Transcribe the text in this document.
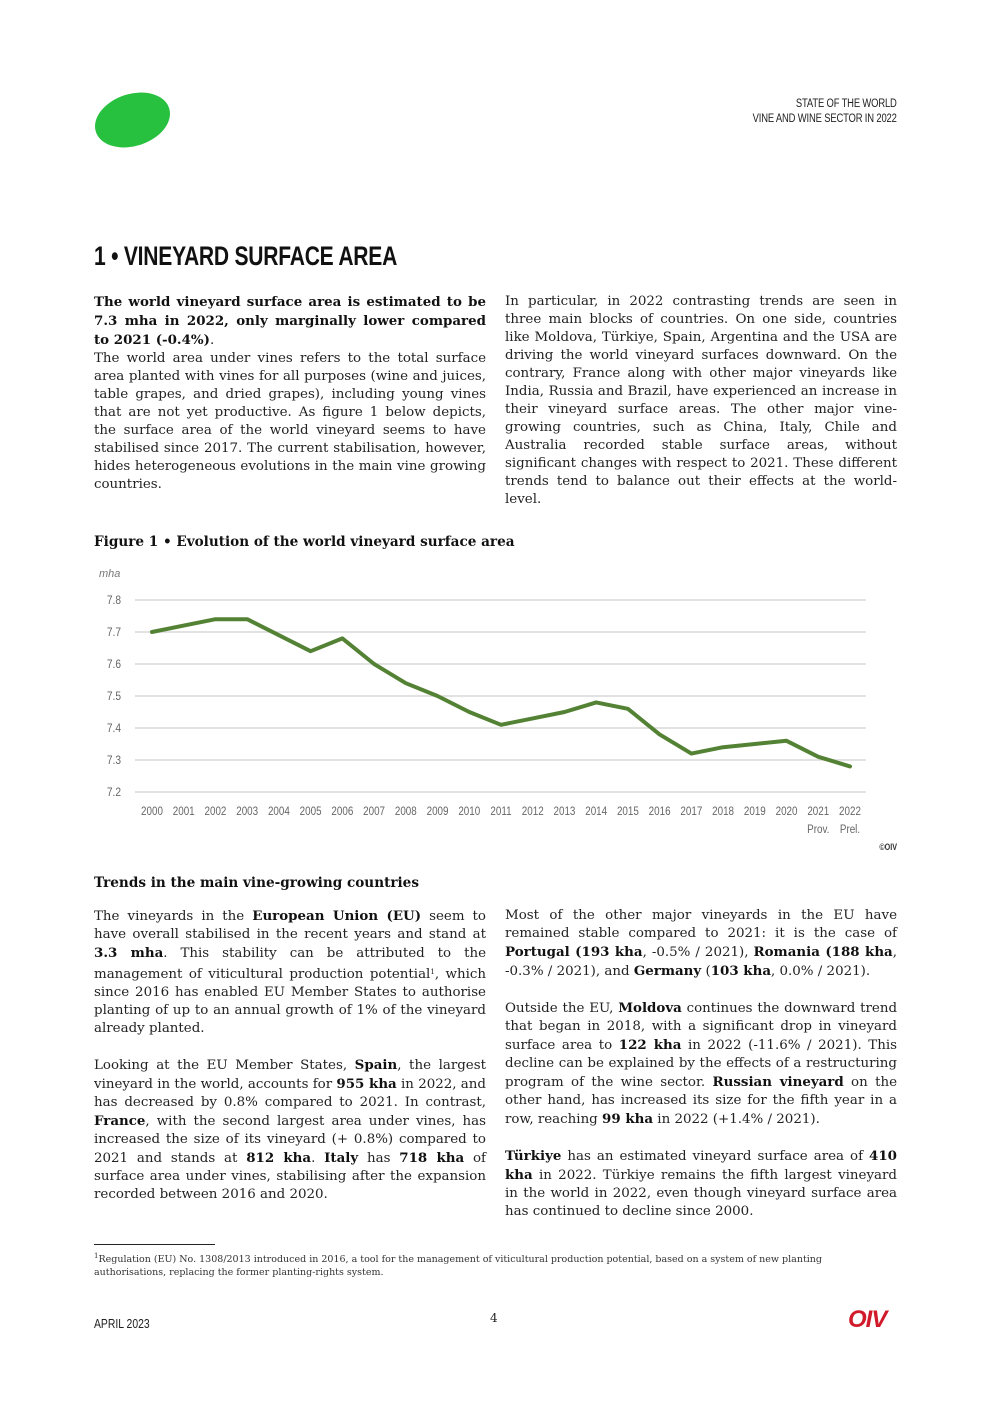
STATE OF THE WORLD
VINE AND WINE SECTOR IN 2022
1 • VINEYARD SURFACE AREA

The world vineyard surface area is estimated to be 7.3 mha in 2022, only marginally lower compared to 2021 (-0.4%).

The world area under vines refers to the total surface area planted with vines for all purposes (wine and juices, table grapes, and dried grapes), including young vines that are not yet productive. As figure 1 below depicts, the surface area of the world vineyard seems to have stabilised since 2017. The current stabilisation, however, hides heterogeneous evolutions in the main vine growing countries.

In particular, in 2022 contrasting trends are seen in three main blocks of countries. On one side, countries like Moldova, Türkiye, Spain, Argentina and the USA are driving the world vineyard surfaces downward. On the contrary, France along with other major vineyards like India, Russia and Brazil, have experienced an increase in their vineyard surface areas. The other major vine-growing countries, such as China, Italy, Chile and Australia recorded stable surface areas, without significant changes with respect to 2021. These different trends tend to balance out their effects at the world-level.

Figure 1 • Evolution of the world vineyard surface area
mha
7.8
7.7
7.6
7.5
7.4
7.3
7.2
2000 2001 2002 2003 2004 2005 2006 2007 2008 2009 2010 2011 2012 2013 2014 2015 2016 2017 2018 2019 2020 2021
Prov.
2022
Prel.
©OIV
Trends in the main vine-growing countries

The vineyards in the European Union (EU) seem to have overall stabilised in the recent years and stand at 3.3 mha. This stability can be attributed to the management of viticultural production potential$^1$, which since 2016 has enabled EU Member States to authorise planting of up to an annual growth of 1% of the vineyard already planted.

Looking at the EU Member States, Spain, the largest vineyard in the world, accounts for 955 kha in 2022, and has decreased by 0.8% compared to 2021. In contrast, France, with the second largest area under vines, has increased the size of its vineyard (+ 0.8%) compared to 2021 and stands at 812 kha. Italy has 718 kha of surface area under vines, stabilising after the expansion recorded between 2016 and 2020.

Most of the other major vineyards in the EU have remained stable compared to 2021: it is the case of Portugal (193 kha, -0.5% / 2021), Romania (188 kha, -0.3% / 2021), and Germany (103 kha, 0.0% / 2021).

Outside the EU, Moldova continues the downward trend that began in 2018, with a significant drop in vineyard surface area to 122 kha in 2022 (-11.6% / 2021). This decline can be explained by the effects of a restructuring program of the wine sector. Russian vineyard on the other hand, has increased its size for the fifth year in a row, reaching 99 kha in 2022 (+1.4% / 2021).

Türkiye has an estimated vineyard surface area of 410 kha in 2022. Türkiye remains the fifth largest vineyard in the world in 2022, even though vineyard surface area has continued to decline since 2000.

$^1$Regulation (EU) No. 1308/2013 introduced in 2016, a tool for the management of viticultural production potential, based on a system of new planting authorisations, replacing the former planting-rights system.
APRIL 2023	4	OIV
